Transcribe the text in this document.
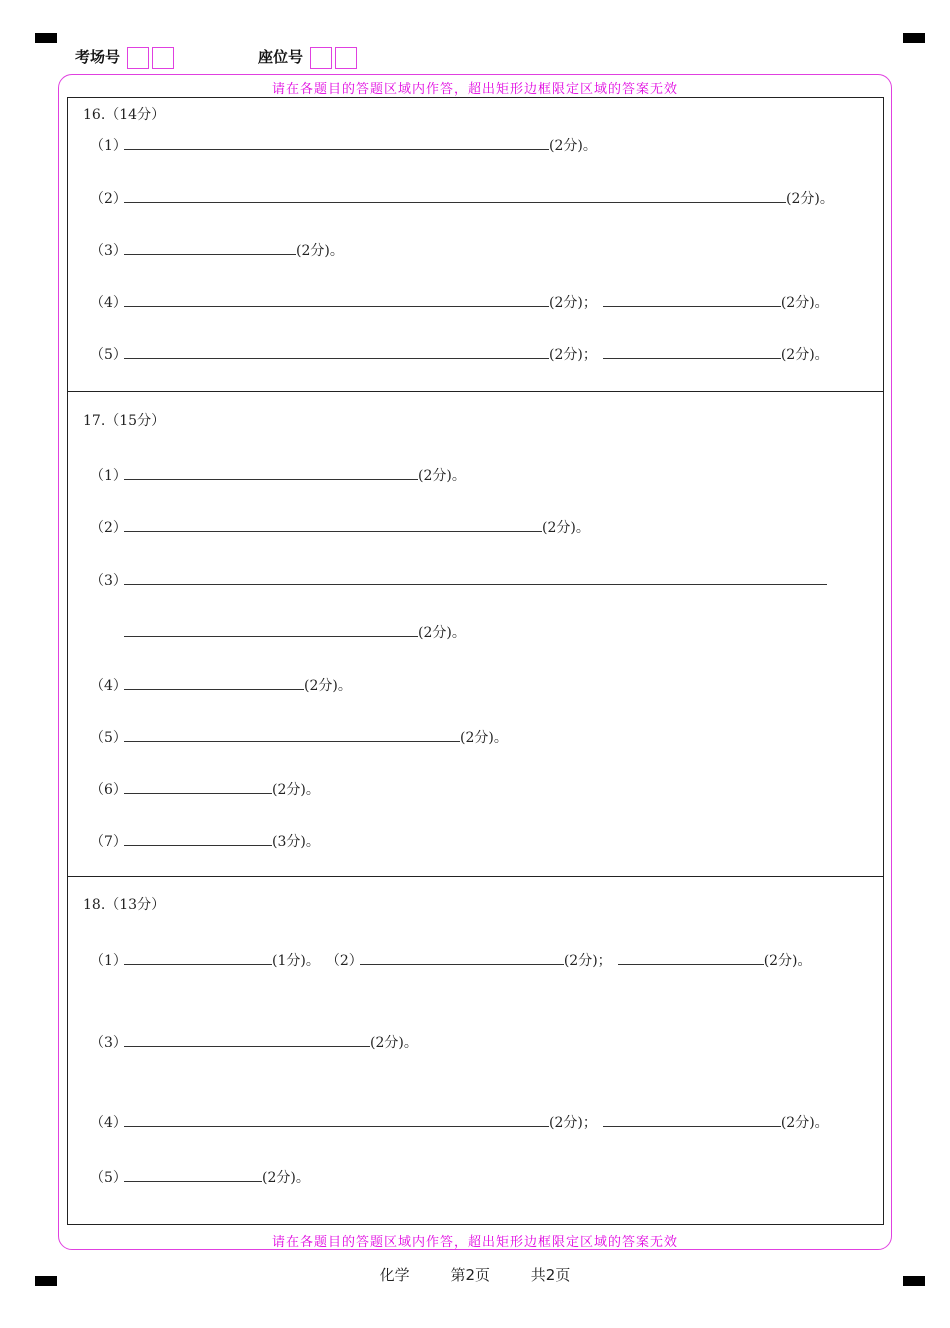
考场号	座位号
请在各题目的答题区域内作答，超出矩形边框限定区域的答案无效
请在各题目的答题区域内作答，超出矩形边框限定区域的答案无效
16.（14分）
（1）	(2分)。
（2）	(2分)。
（3）	(2分)。
（4）	(2分)；	(2分)。
（5）	(2分)；	(2分)。
17.（15分）
（1）	(2分)。
（2）	(2分)。
（3）
(2分)。
（4）	(2分)。
（5）	(2分)。
（6）	(2分)。
（7）	(3分)。
18.（13分）
（1）	(1分)。 （2）	(2分)；	(2分)。
（3）	(2分)。
（4）	(2分)；	(2分)。
（5）	(2分)。
化学	第2页	共2页
